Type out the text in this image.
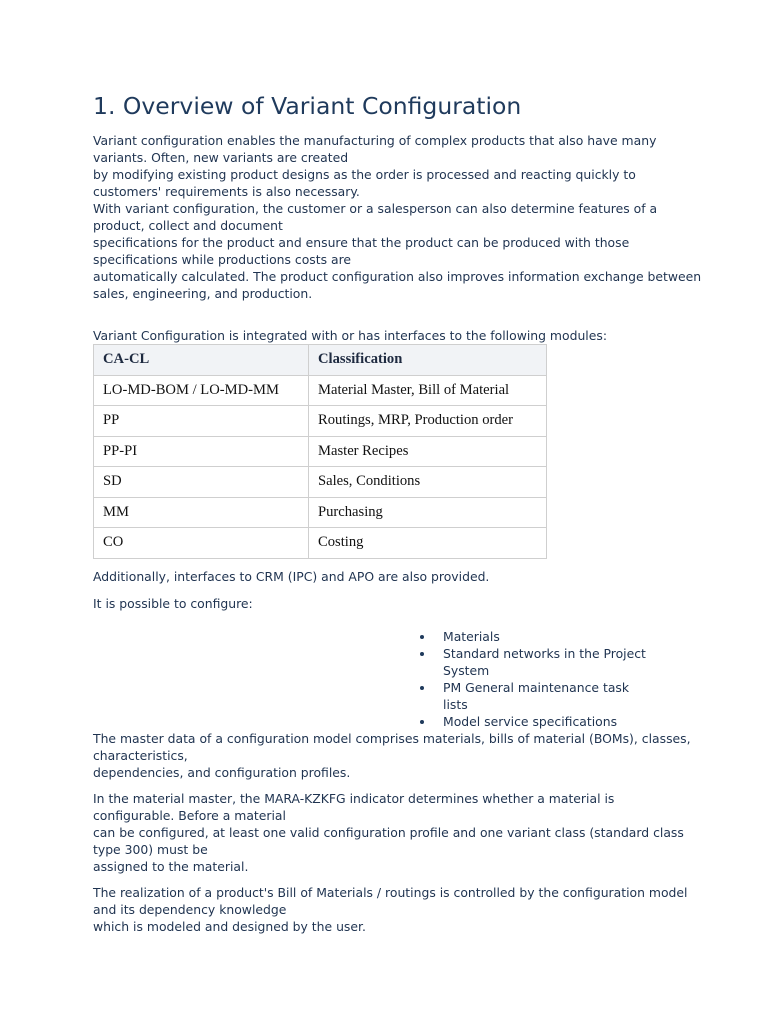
1. Overview of Variant Configuration

Variant configuration enables the manufacturing of complex products that also have many
variants. Often, new variants are created
by modifying existing product designs as the order is processed and reacting quickly to
customers' requirements is also necessary.
With variant configuration, the customer or a salesperson can also determine features of a
product, collect and document
specifications for the product and ensure that the product can be produced with those
specifications while productions costs are
automatically calculated. The product configuration also improves information exchange between
sales, engineering, and production.

Variant Configuration is integrated with or has interfaces to the following modules:

CA-CL	Classification
LO-MD-BOM / LO-MD-MM	Material Master, Bill of Material
PP	Routings, MRP, Production order
PP-PI	Master Recipes
SD	Sales, Conditions
MM	Purchasing
CO	Costing

Additionally, interfaces to CRM (IPC) and APO are also provided.

It is possible to configure:

Materials
Standard networks in the Project
System
PM General maintenance task lists
Model service specifications

The master data of a configuration model comprises materials, bills of material (BOMs), classes,
characteristics,
dependencies, and configuration profiles.

In the material master, the MARA-KZKFG indicator determines whether a material is
configurable. Before a material
can be configured, at least one valid configuration profile and one variant class (standard class
type 300) must be
assigned to the material.

The realization of a product's Bill of Materials / routings is controlled by the configuration model
and its dependency knowledge
which is modeled and designed by the user.
